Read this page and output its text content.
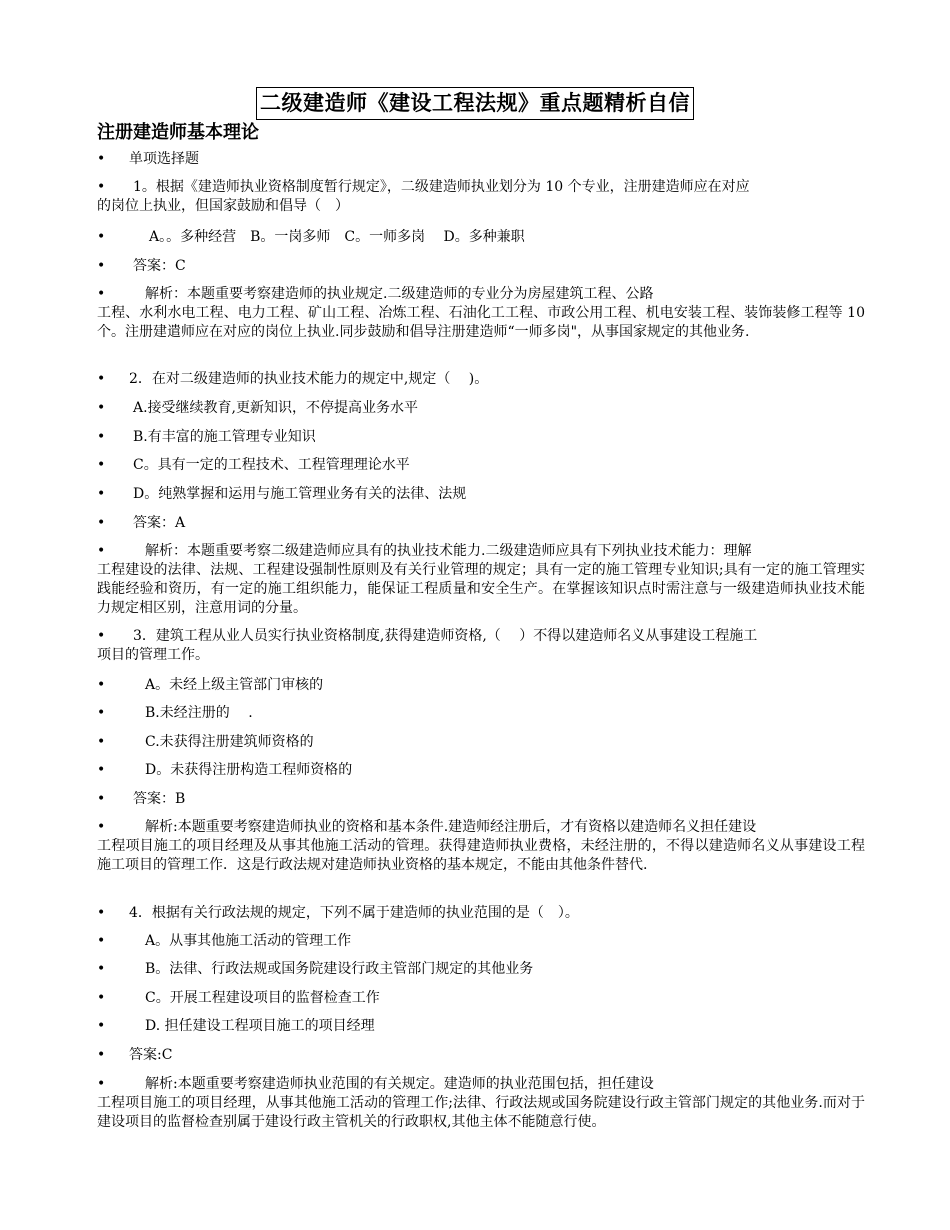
二级建造师《建设工程法规》重点题精析自信
注册建造师基本理论
•	单项选择题
•	1。根据《建造师执业资格制度暂行规定》，二级建造师执业划分为 10 个专业，注册建造师应在对应
的岗位上执业，但国家鼓励和倡导（　）
•	A。。多种经营　B。一岗多师　C。一师多岗　 D。多种兼职
•	答案：C
•	解析：本题重要考察建造师的执业规定.二级建造师的专业分为房屋建筑工程、公路
工程、水利水电工程、电力工程、矿山工程、冶炼工程、石油化工工程、市政公用工程、机电安装工程、装饰装修工程等 10 个。注册建遣师应在对应的岗位上执业.同步鼓励和倡导注册建造师“一师多岗"，从事国家规定的其他业务.
•	2．在对二级建造师的执业技术能力的规定中,规定（　 )。
•	A.接受继续教育,更新知识，不停提高业务水平
•	B.有丰富的施工管理专业知识
•	C。具有一定的工程技术、工程管理理论水平
•	D。纯熟掌握和运用与施工管理业务有关的法律、法规
•	答案：A
•	解析：本题重要考察二级建造师应具有的执业技术能力.二级建造师应具有下列执业技术能力：理解
工程建设的法律、法规、工程建设强制性原则及有关行业管理的规定；具有一定的施工管理专业知识;具有一定的施工管理实践能经验和资历，有一定的施工组织能力，能保证工程质量和安全生产。在掌握该知识点时需注意与一级建造师执业技术能力规定相区别，注意用词的分量。
•	3．建筑工程从业人员实行执业资格制度,获得建造师资格,（　 ）不得以建造师名义从事建设工程施工
项目的管理工作。
•	A。未经上级主管部门审核的
•	B.未经注册的　 .
•	C.未获得注册建筑师资格的
•	D。未获得注册构造工程师资格的
•	答案：B
•	解析:本题重要考察建造师执业的资格和基本条件.建造师经注册后，才有资格以建造师名义担任建设
工程项目施工的项目经理及从事其他施工活动的管理。获得建造师执业费格，未经注册的，不得以建造师名义从事建设工程施工项目的管理工作．这是行政法规对建造师执业资格的基本规定，不能由其他条件替代.
•	4．根据有关行政法规的规定，下列不属于建造师的执业范围的是（　）。
•	A。从事其他施工活动的管理工作
•	B。法律、行政法规或国务院建设行政主管部门规定的其他业务
•	C。开展工程建设项目的监督检查工作
•	D. 担任建设工程项目施工的项目经理
•	答案:C
•	解析:本题重要考察建造师执业范围的有关规定。建造师的执业范围包括，担任建设
工程项目施工的项目经理，从事其他施工活动的管理工作;法律、行政法规或国务院建设行政主管部门规定的其他业务.而对于建设项目的监督检查别属于建设行政主管机关的行政职权,其他主体不能随意行使。
